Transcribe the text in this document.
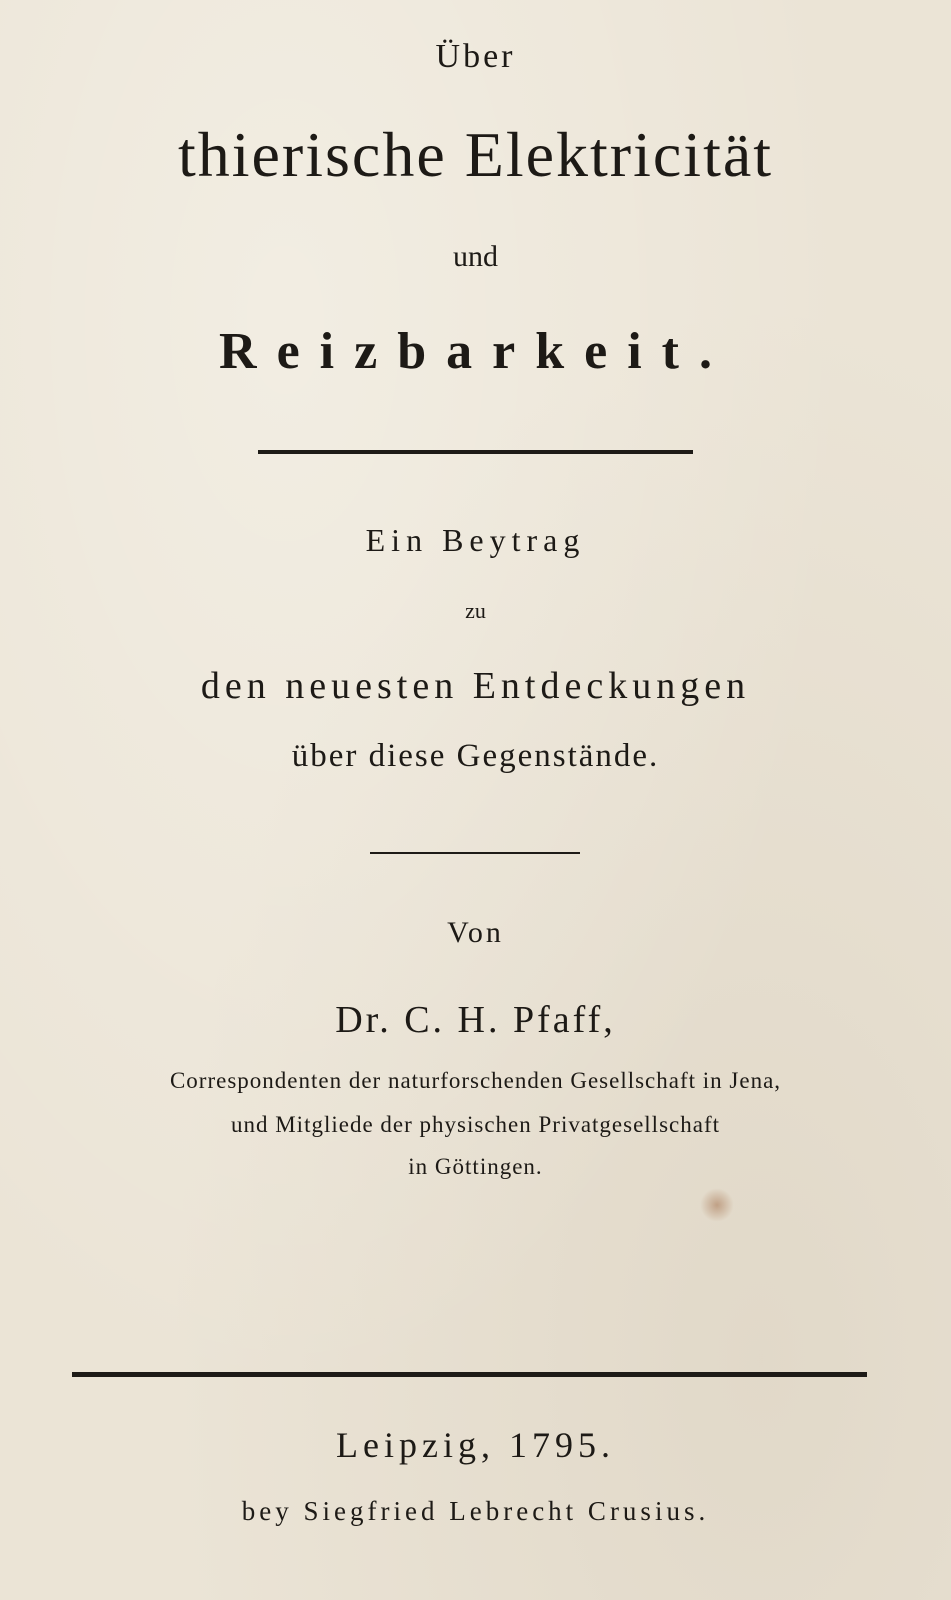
Über
thierische Elektricität
und
Reizbarkeit.
Ein Beytrag
zu
den neuesten Entdeckungen
über diese Gegenstände.
Von
Dr. C. H. Pfaff,
Correspondenten der naturforschenden Gesellschaft in Jena,
und Mitgliede der physischen Privatgesellschaft
in Göttingen.
Leipzig, 1795.
bey Siegfried Lebrecht Crusius.
